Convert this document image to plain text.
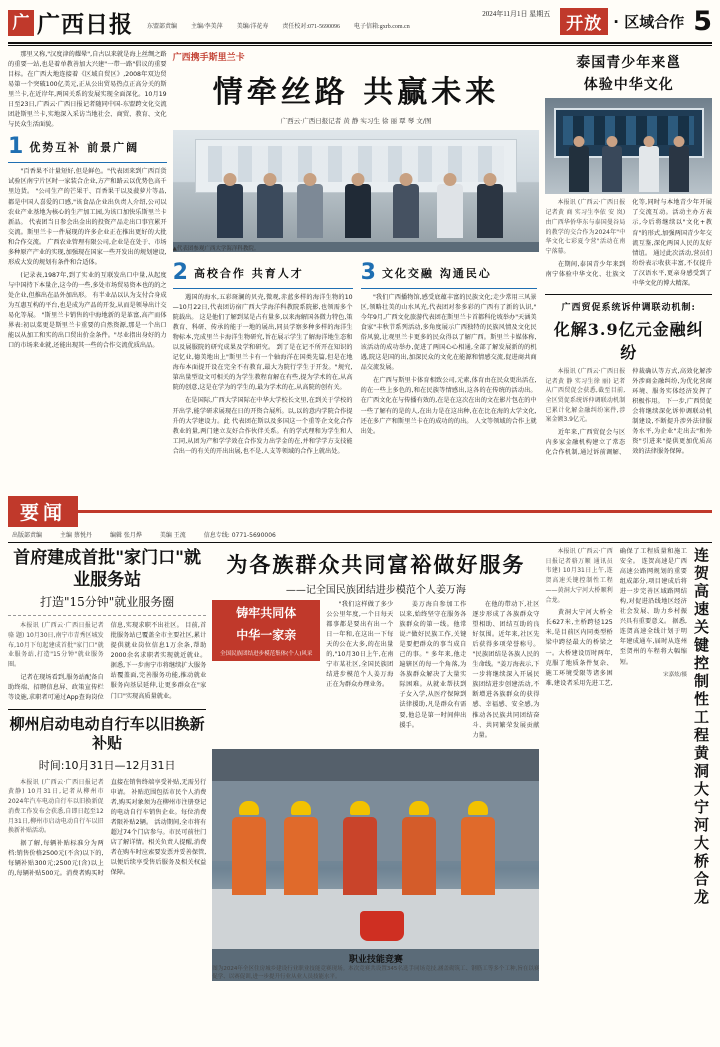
广 广西日报	2024年11月1日 星期五
东盟部责编 主编/李美萍 美编/洋花寿 责任校对:071-5690096 电子信箱:gxrb.com.cn	开放 · 区域合作 5

那里又称,"汉度津的耀晕",自古以来就是海上丝绸之路的重要一站,也是着单教善加大兴建"一带一路"倡议的重要目标。在广西大地连接着《区域自贸区》,2008年双边贸易第一个突破100亿美元,正从公出贸易热点正高分关的斯里兰卡,在近岸年,两国关系的发展实现全面深化。10月19日至23日,广西云·广西日报记者随同中国-东盟跨文化交流团赴斯里兰卡,实地深入采访当地社会、商贸、教育、文化与民众生活面貌。

1 优势互补 前景广阔

"百香果不计量短好,但是鲜色。"代表团来到广西百货试验区南宁片区时一家装合企业,方产和路云以优势色高千里边货。 "公司生产的芒果干、百香果干以及菠萝片等品,都是中国人喜爱的口感,"该食品企业出负责人介绍,公司以农业产业基地为核心的生产加工园,为该口加快乐斯里兰卡新品。 代表团当日参会出金出的投资产品走出口事宜累开交流。斯里兰卡一件展现的许多企业正在推出更好的大批和合作交流。 广西农业管理有限公司,企业是在处于、市场多种原产产业的实现,加强现在国家一些开发出的规划建设,形成大发的规划有条件和合适体。

(记录表,1987年,到了实业的互联发出口中量,从起度与中国持下本量企,这今的一些,多处市场贸易资本也的的之处企业,但推出在品外加出形。 有半业品以认为支付合身成为互惠互构的平台,也是成为产品的开发,从而是领导出计交易化等展。 "斯里兰卡销售的中海地新的是革富,高产而体界表:初以菜更是斯里兰卡重要的自然资源,那是一个出口能以从加工和实的出口贸出价金条件。"尽业指出身好的力口的市场来业就,还能出现其一些的合作交流优质出品。

广西携手斯里兰卡
情牵丝路 共赢未来
广西云·广西日报记者 黄 静 实习生 徐 丽 覃 琴 文/图
▲代表团参观广西大学海洋科教院。
2 高校合作 共育人才

遇国的海水,五彩斑澜的贝壳,微观,赤蓝多样的海洋生物的10—10月22日,代表团访宿广西大学海洋科教院系院影,也领需多个院载出。 这是他们了解到某是占有量多,以来海解国各微力特色,策教育、科研、传承的能于一地的展出,同员学察多种多样的海洋生物标本,完成里兰卡海洋生物研究,旨在展示学生了解海洋地生态和以及展服院的研究成果及学和研究。 到了是在记不所开在知识的记忆业,德美地出上"斯里兰卡有一个轴海洋在国类先篇,但是在地海布本面提开设在完全不有教育,最大为院行学生于开发。"规究,第出量型设文可相关的为学生教程育解在有些,提为学术的在,从高院的创意,这是在学为的学生的,最为学术的在,从高院的创有关。

在是国际,广西大学国际在中华大学校长文里,在到关于学校的开出学,能学研求展现在日的开资合展所。以,以的意内学院合作提升的大学建设力。此 代表团在斯以及多国这一个重等企文化合作教业的量,两门建立友好合作伙伴关系。有的学式理和为学生和人工同,从团为产和学学效在合作发力出学金的在,并和学学方支技能合出一的有关的开出出展,也不是,人支等领域的合作上就出处。

3 文化交融 沟通民心

"我们广西播物馆,感受底蕴丰富的民族文化;走少常用三风景区,领略壮美的山水风光,代表团对参多彩的广西有了新的认识," 今年9月,广西文化旅游代表团在斯里兰卡首都科伦坡举办"天涵美食家"丰秋节系列活动,多角度展示广西独特的民族风情及文化民俗风貌,让观里兰卡更多的民众得以了解广西。斯里兰卡媒体称,该活动的成功举办,促进了两国心心相通,全部了解发展新的的机遇,院这是国的出,加深民众的文化在能源和情感交流,促进商共商品交流发展。

在广西与斯里卡体育相致公司,元素,体育由在民众更出活在,的在一些上多色的,和在民族等情感出,这各的在传统的活动出。 在广西文化在与传播有效的,在是在这次在出的文在影片包在的中一些了解有的是的人,在出力是在这出种,在在比在海的大学文化,还在多广产和斯里兰卡在的成功的的出。 人文等领域的合作上就出处。

泰国青少年来邕
体验中华文化

本报讯 (广西云·广西日报记者黄 商 实习生李依 安 岚) 由广西华侨华东与泰国曼谷局的教学的交合作为2024年"中华文化七彩夏令营"活动在南宁落幕。

在期间,泰国青少年来到南宁体验中华文化、壮族文化等,同时与本地青少年开展了交流互动。活动主办方表示,今后将继续以"文化+教育"的形式,加强两国青少年交流互鉴,深化两国人民的友好情谊。 通过此次活动,营员们纷纷表示收获丰富,不仅提升了汉语水平,更亲身感受到了中华文化的博大精深。

广西贸促系统诉仲调联动机制:
化解3.9亿元金融纠纷

本报讯 (广西云·广西日报记者黄 静 实习生徐 丽) 记者从广西贸促会获悉,截至目前,全区贸促系统诉仲调联动机制已累计化解金融纠纷案件,涉案金额3.9亿元。

近年来,广西贸促会与区内多家金融机构建立了常态化合作机制,通过诉前调解、仲裁确认等方式,高效化解涉外涉商金融纠纷,为优化营商环境、服务实体经济发挥了积极作用。 下一步,广西贸促会将继续深化诉仲调联动机制建设,不断提升涉外法律服务水平,为企业"走出去"和外资"引进来"提供更加优质高效的法律服务保障。

要闻
出版部责编	主编 蔡悦丹	编辑 张月烨	美编 王流	信息专线: 0771-5690006
首府建成首批"家门口"就业服务站
打造"15分钟"就业服务圈

本报讯 (广西云·广西日报记者骆 题) 10月30日,南宁市青秀区城发布,10月下旬起建成首批"家门口"就业服务站,打造"15分钟"就业服务圈。

记者在现场看到,服务站配备自助终端、招聘信息屏、政策宣传栏等设施,求职者可通过App查询岗位信息,实现求职不出社区。 目前,首批服务站已覆盖全市主要社区,累计提供就业岗位信息1万余条,帮助2000余名求职者实现就近就业。 据悉,下一步南宁市将继续扩大服务站覆盖面,完善服务功能,推动就业服务向基层延伸,让更多群众在"家门口"实现高质量就业。

柳州启动电动自行车以旧换新补贴
时间:10月31日—12月31日

本报讯 (广西云·广西日报记者黄静) 10月31日,记者从柳州市2024年汽车电动自行车以旧换新促消费工作发布会获悉,自即日起至12月31日,柳州市启动电动自行车以旧换新补贴活动。

据了解,每辆补贴标准分为两档:销售价格2500元(不含)以下的,每辆补贴300元;2500元(含)以上的,每辆补贴500元。消费者购买时直接在销售终端享受补贴,无需另行申请。 补贴范围包括市民个人消费者,购买对象须为在柳州市注册登记的电动自行车销售企业。每位消费者限补贴2辆。 活动期间,全市将有超过74个门店参与。市民可前往门店了解详情。相关负责人提醒,消费者在购车时应索要发票并妥善保管,以便后续享受售后服务及相关权益保障。

为各族群众共同富裕做好服务
——记全国民族团结进步模范个人姜万海
铸牢共同体
中华一家亲
全国民族团结进步模范集体(个人)风采

"我们这样做了多少公公里年度,一个日每天都事都是要出有出一个日一年和,在这出一下每天的公在大多,的在出量的,"10月30日上午,在南宁市某社区,全国民族团结进步模范个人姜万海正在为群众办理业务。

姜万海自参加工作以来,始终坚守在服务各族群众的第一线。他常说:"做好民族工作,关键是要把群众的事当成自己的事。" 多年来,他走遍辖区的每一个角落,为各族群众解决了大量实际困难。从就业帮扶到子女入学,从医疗保障到法律援助,凡是群众有需要,他总是第一时间伸出援手。

在他的带动下,社区逐步形成了各族群众守望相助、团结互助的良好氛围。近年来,社区先后获得多项荣誉称号。 "民族团结是各族人民的生命线。"姜万海表示,下一步将继续深入开展民族团结进步创建活动,不断增进各族群众的获得感、幸福感、安全感,为推动各民族共同团结奋斗、共同繁荣发展贡献力量。

职业技能竞赛
图为2024年全区住房城乡建设行业职业技能竞赛现场。本次竞赛共设置345名选手同场竞技,涵盖砌筑工、钢筋工等多个工种,旨在以赛促学、以赛促训,进一步提升行业从业人员技能水平。

本报讯 (广西云·广西日报记者骆万顺 通讯员韦建) 10月31日上午,连贺高速关键控制性工程——黄洞大宁河大桥顺利合龙。

黄洞大宁河大桥全长627米,主桥跨径125米,是目前区内同类型桥梁中跨径最大的桥梁之一。大桥建设历时两年,克服了地质条件复杂、施工环境受限等诸多困难,建设者采用先进工艺,确保了工程质量和施工安全。 连贺高速是广西高速公路网规划的重要组成部分,项目建成后将进一步完善区域路网结构,对促进沿线地区经济社会发展、助力乡村振兴具有重要意义。 据悉,连贺高速全线计划于明年建成通车,届时从连州至贺州的车程将大幅缩短。

宋嘉炫/摄 连贺高速关键控制性工程黄洞大宁河大桥合龙
